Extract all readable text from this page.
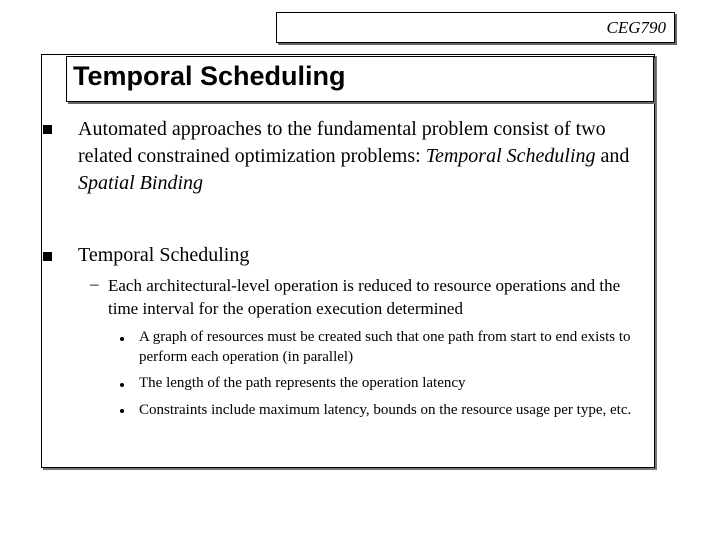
CEG790
Temporal Scheduling
Automated approaches to the fundamental problem consist of two related constrained optimization problems: Temporal Scheduling and Spatial Binding
Temporal Scheduling
– Each architectural-level operation is reduced to resource operations and the time interval for the operation execution determined
A graph of resources must be created such that one path from start to end exists to perform each operation (in parallel)
The length of the path represents the operation latency
Constraints include maximum latency, bounds on the resource usage per type, etc.
